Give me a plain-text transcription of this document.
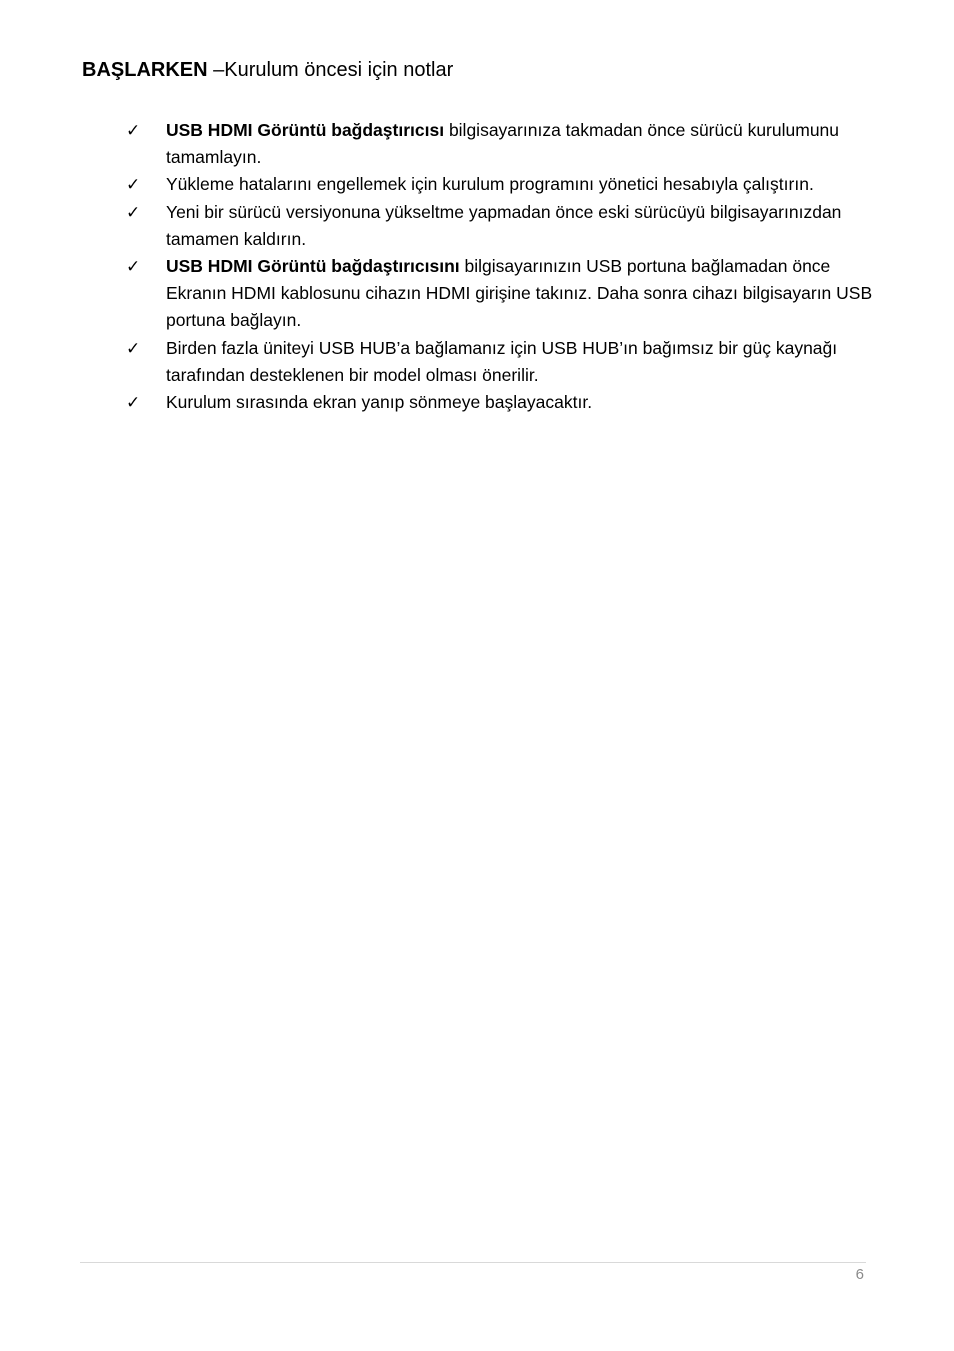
BAŞLARKEN –Kurulum öncesi için notlar
✓	USB HDMI Görüntü bağdaştırıcısı bilgisayarınıza takmadan önce sürücü kurulumunu tamamlayın.
✓	Yükleme hatalarını engellemek için kurulum programını yönetici hesabıyla çalıştırın.
✓	Yeni bir sürücü versiyonuna yükseltme yapmadan önce eski sürücüyü bilgisayarınızdan tamamen kaldırın.
✓	USB HDMI Görüntü bağdaştırıcısını bilgisayarınızın USB portuna bağlamadan önce Ekranın HDMI kablosunu cihazın HDMI girişine takınız. Daha sonra cihazı bilgisayarın USB portuna bağlayın.
✓	Birden fazla üniteyi USB HUB’a bağlamanız için USB HUB’ın bağımsız bir güç kaynağı tarafından desteklenen bir model olması önerilir.
✓	Kurulum sırasında ekran yanıp sönmeye başlayacaktır.
6
